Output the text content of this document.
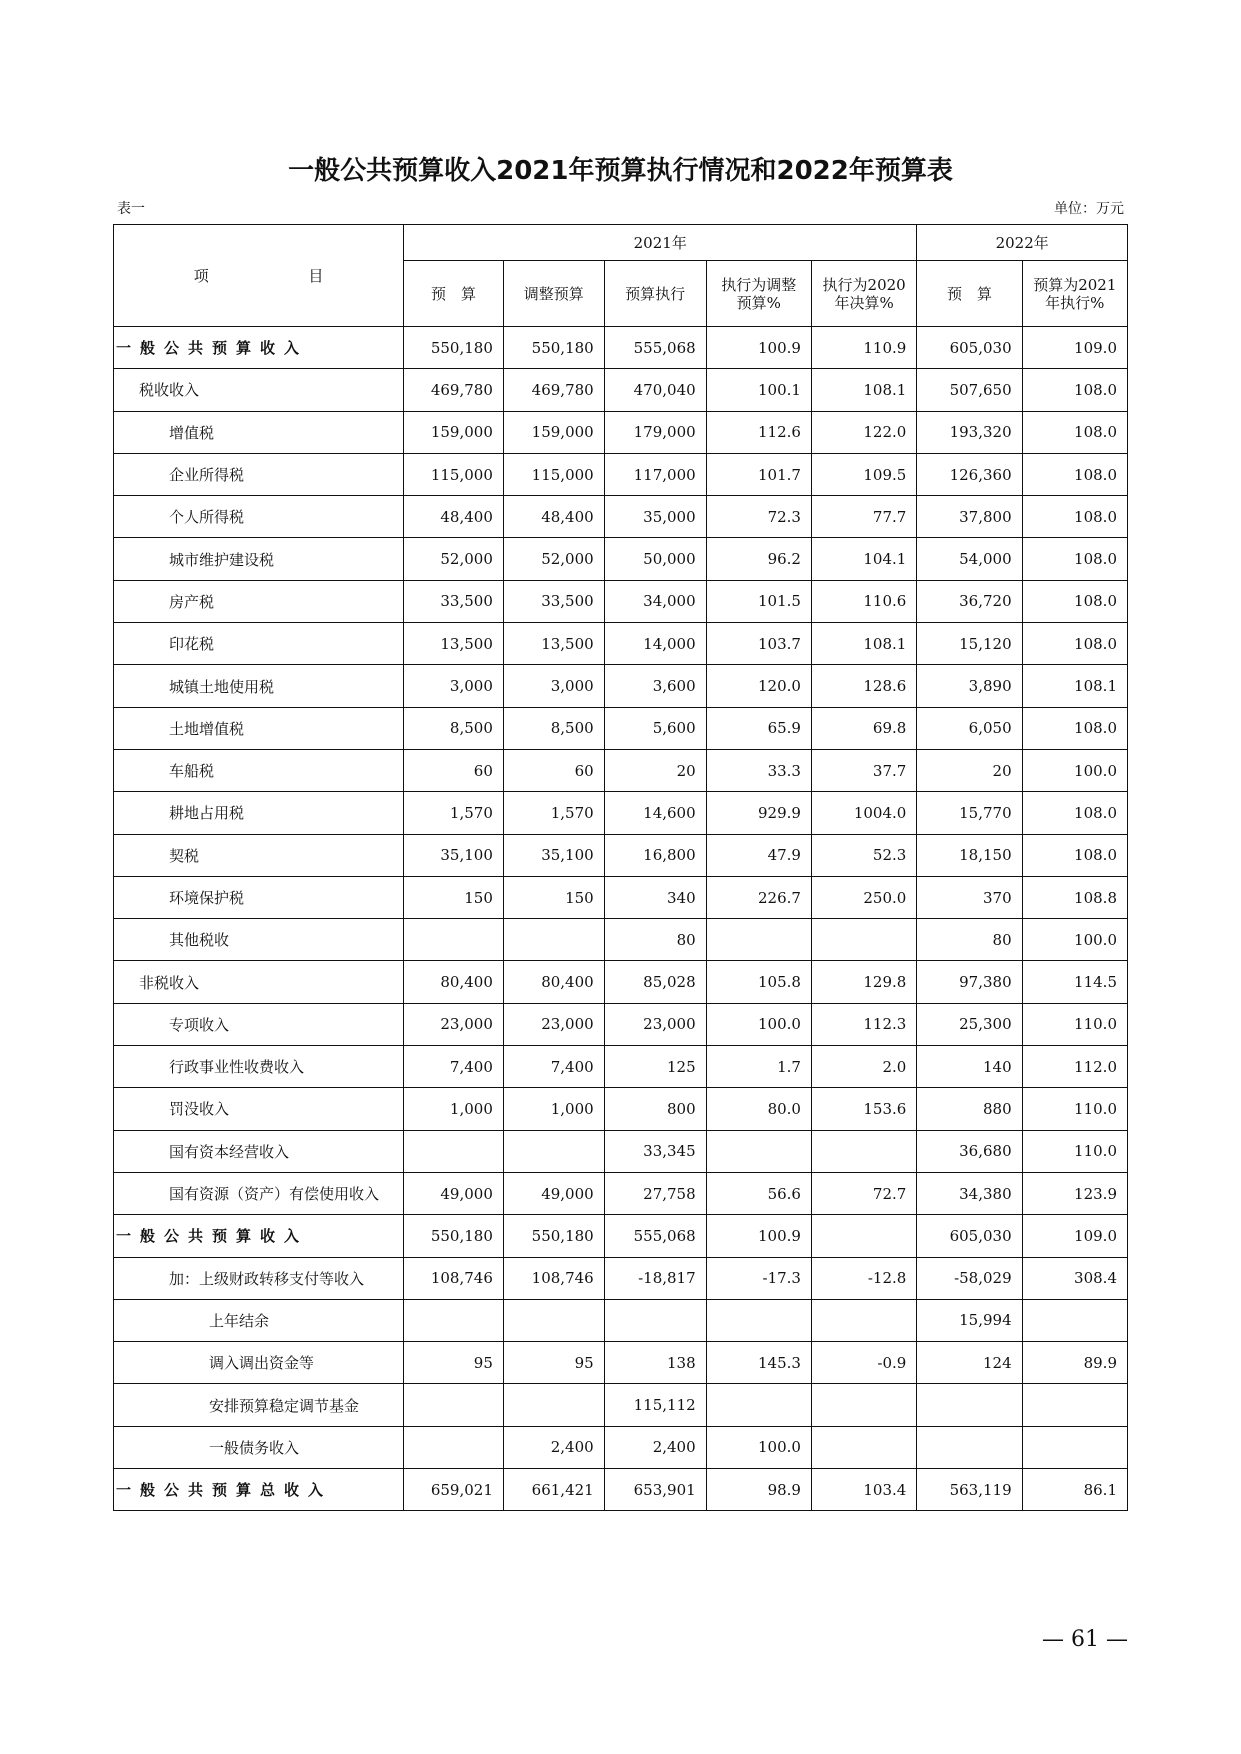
一般公共预算收入2021年预算执行情况和2022年预算表
表一	单位：万元
项 目	2021年					2022年	
	预　算	调整预算	预算执行	执行为调整预算%	执行为2020年决算%	预　算	预算为2021年执行%
一般公共预算收入	550,180	550,180	555,068	100.9	110.9	605,030	109.0
税收收入	469,780	469,780	470,040	100.1	108.1	507,650	108.0
增值税	159,000	159,000	179,000	112.6	122.0	193,320	108.0
企业所得税	115,000	115,000	117,000	101.7	109.5	126,360	108.0
个人所得税	48,400	48,400	35,000	72.3	77.7	37,800	108.0
城市维护建设税	52,000	52,000	50,000	96.2	104.1	54,000	108.0
房产税	33,500	33,500	34,000	101.5	110.6	36,720	108.0
印花税	13,500	13,500	14,000	103.7	108.1	15,120	108.0
城镇土地使用税	3,000	3,000	3,600	120.0	128.6	3,890	108.1
土地增值税	8,500	8,500	5,600	65.9	69.8	6,050	108.0
车船税	60	60	20	33.3	37.7	20	100.0
耕地占用税	1,570	1,570	14,600	929.9	1004.0	15,770	108.0
契税	35,100	35,100	16,800	47.9	52.3	18,150	108.0
环境保护税	150	150	340	226.7	250.0	370	108.8
其他税收			80			80	100.0
非税收入	80,400	80,400	85,028	105.8	129.8	97,380	114.5
专项收入	23,000	23,000	23,000	100.0	112.3	25,300	110.0
行政事业性收费收入	7,400	7,400	125	1.7	2.0	140	112.0
罚没收入	1,000	1,000	800	80.0	153.6	880	110.0
国有资本经营收入			33,345			36,680	110.0
国有资源（资产）有偿使用收入	49,000	49,000	27,758	56.6	72.7	34,380	123.9
一般公共预算收入	550,180	550,180	555,068	100.9		605,030	109.0
加：上级财政转移支付等收入	108,746	108,746	-18,817	-17.3	-12.8	-58,029	308.4
上年结余						15,994	
调入调出资金等	95	95	138	145.3	-0.9	124	89.9
安排预算稳定调节基金			115,112				
一般债务收入		2,400	2,400	100.0			
一般公共预算总收入	659,021	661,421	653,901	98.9	103.4	563,119	86.1
— 61 —
